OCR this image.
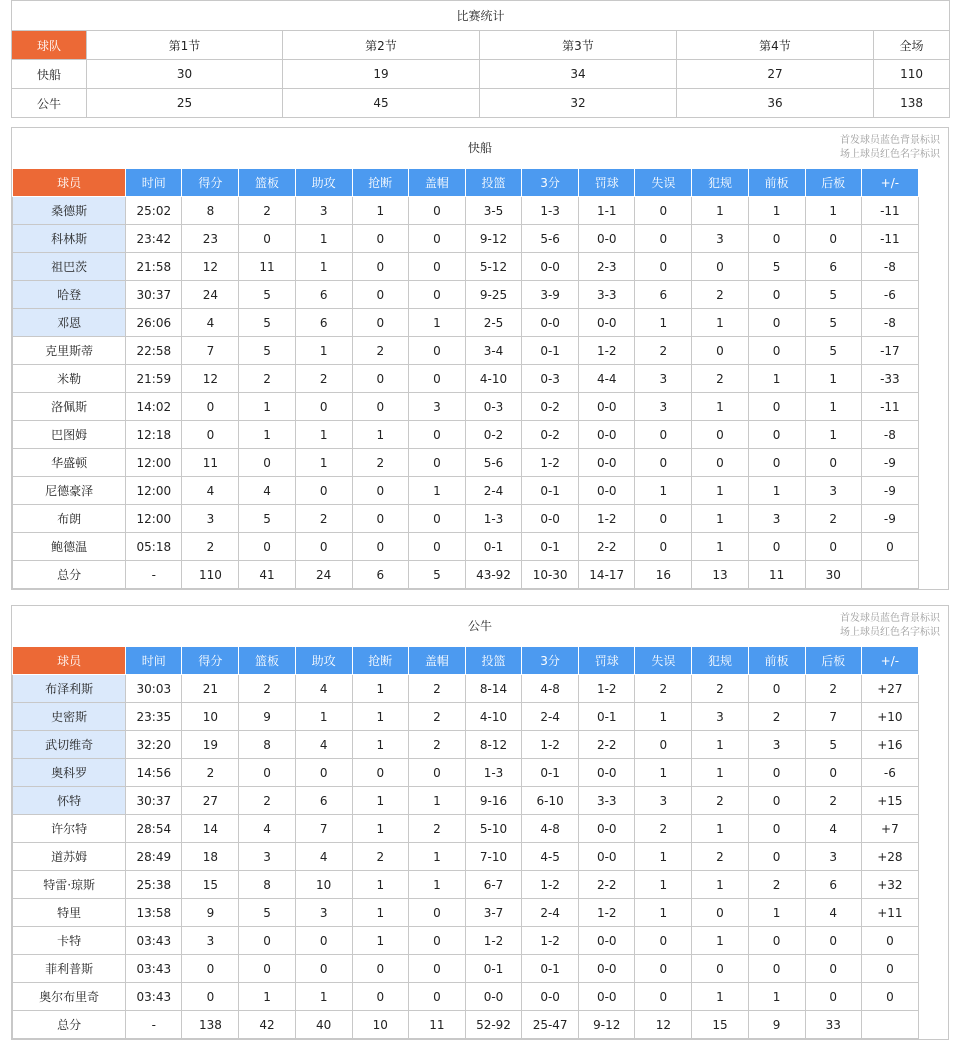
比赛统计					
球队	第1节	第2节	第3节	第4节	全场
快船	30	19	34	27	110
公牛	25	45	32	36	138
快船
首发球员蓝色背景标识
场上球员红色名字标识
球员	时间	得分	篮板	助攻	抢断	盖帽	投篮	3分	罚球	失误	犯规	前板	后板	+/-
桑德斯	25:02	8	2	3	1	0	3-5	1-3	1-1	0	1	1	1	-11
科林斯	23:42	23	0	1	0	0	9-12	5-6	0-0	0	3	0	0	-11
祖巴茨	21:58	12	11	1	0	0	5-12	0-0	2-3	0	0	5	6	-8
哈登	30:37	24	5	6	0	0	9-25	3-9	3-3	6	2	0	5	-6
邓恩	26:06	4	5	6	0	1	2-5	0-0	0-0	1	1	0	5	-8
克里斯蒂	22:58	7	5	1	2	0	3-4	0-1	1-2	2	0	0	5	-17
米勒	21:59	12	2	2	0	0	4-10	0-3	4-4	3	2	1	1	-33
洛佩斯	14:02	0	1	0	0	3	0-3	0-2	0-0	3	1	0	1	-11
巴图姆	12:18	0	1	1	1	0	0-2	0-2	0-0	0	0	0	1	-8
华盛顿	12:00	11	0	1	2	0	5-6	1-2	0-0	0	0	0	0	-9
尼德豪泽	12:00	4	4	0	0	1	2-4	0-1	0-0	1	1	1	3	-9
布朗	12:00	3	5	2	0	0	1-3	0-0	1-2	0	1	3	2	-9
鲍德温	05:18	2	0	0	0	0	0-1	0-1	2-2	0	1	0	0	0
总分	-	110	41	24	6	5	43-92	10-30	14-17	16	13	11	30	
公牛
首发球员蓝色背景标识
场上球员红色名字标识
球员	时间	得分	篮板	助攻	抢断	盖帽	投篮	3分	罚球	失误	犯规	前板	后板	+/-
布泽利斯	30:03	21	2	4	1	2	8-14	4-8	1-2	2	2	0	2	+27
史密斯	23:35	10	9	1	1	2	4-10	2-4	0-1	1	3	2	7	+10
武切维奇	32:20	19	8	4	1	2	8-12	1-2	2-2	0	1	3	5	+16
奥科罗	14:56	2	0	0	0	0	1-3	0-1	0-0	1	1	0	0	-6
怀特	30:37	27	2	6	1	1	9-16	6-10	3-3	3	2	0	2	+15
许尔特	28:54	14	4	7	1	2	5-10	4-8	0-0	2	1	0	4	+7
道苏姆	28:49	18	3	4	2	1	7-10	4-5	0-0	1	2	0	3	+28
特雷·琼斯	25:38	15	8	10	1	1	6-7	1-2	2-2	1	1	2	6	+32
特里	13:58	9	5	3	1	0	3-7	2-4	1-2	1	0	1	4	+11
卡特	03:43	3	0	0	1	0	1-2	1-2	0-0	0	1	0	0	0
菲利普斯	03:43	0	0	0	0	0	0-1	0-1	0-0	0	0	0	0	0
奥尔布里奇	03:43	0	1	1	0	0	0-0	0-0	0-0	0	1	1	0	0
总分	-	138	42	40	10	11	52-92	25-47	9-12	12	15	9	33	
